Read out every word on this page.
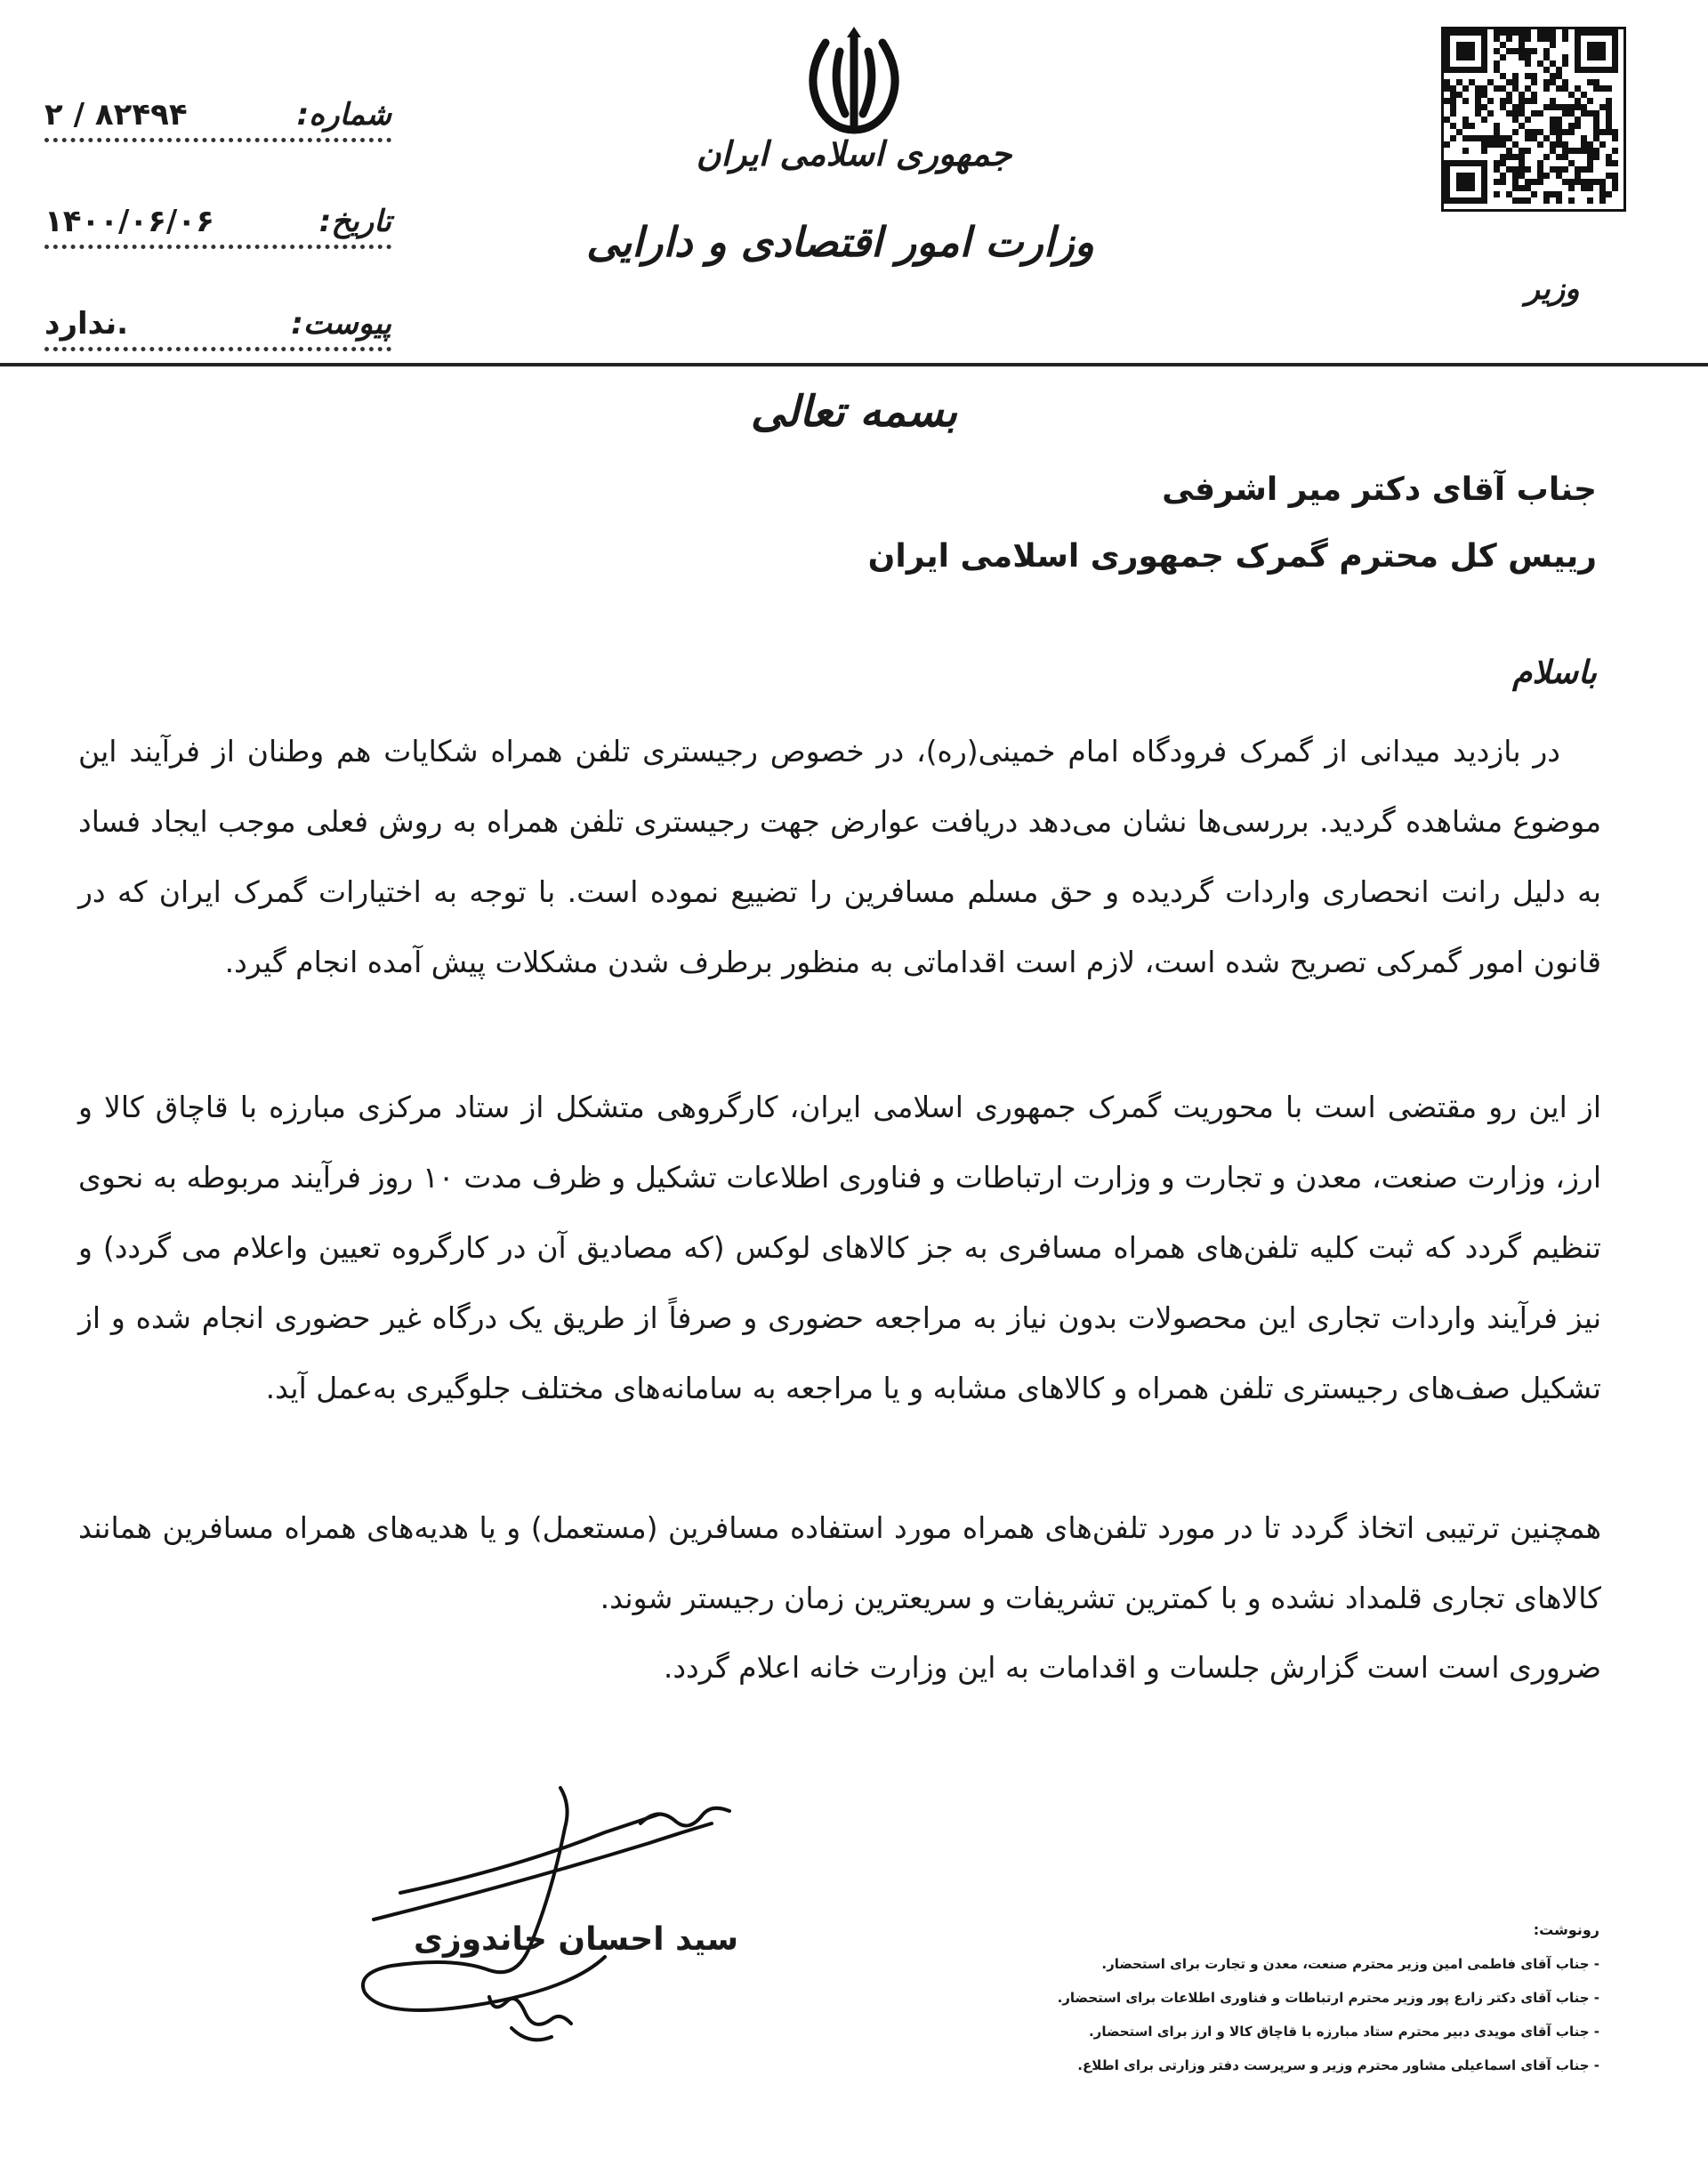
شماره:
۲ / ۸۲۴۹۴
تاریخ:
۱۴۰۰/۰۶/۰۶
پیوست:
ندارد.
جمهوری اسلامی ایران
وزارت امور اقتصادی و دارایی
وزیر
بسمه تعالی
جناب آقای دکتر میر اشرفی
رییس کل محترم گمرک جمهوری اسلامی ایران
باسلام

در بازدید میدانی از گمرک فرودگاه امام خمینی(ره)، در خصوص رجیستری تلفن همراه شکایات هم وطنان از فرآیند این موضوع مشاهده گردید. بررسی‌ها نشان می‌دهد دریافت عوارض جهت رجیستری تلفن همراه به روش فعلی موجب ایجاد فساد به دلیل رانت انحصاری واردات گردیده و حق مسلم مسافرین را تضییع نموده است. با توجه به اختیارات گمرک ایران که در قانون امور گمرکی تصریح شده است، لازم است اقداماتی به منظور برطرف شدن مشکلات پیش آمده انجام گیرد.

از این رو مقتضی است با محوریت گمرک جمهوری اسلامی ایران، کارگروهی متشکل از ستاد مرکزی مبارزه با قاچاق کالا و ارز، وزارت صنعت، معدن و تجارت و وزارت ارتباطات و فناوری اطلاعات تشکیل و ظرف مدت ۱۰ روز فرآیند مربوطه به نحوی تنظیم گردد که ثبت کلیه تلفن‌های همراه مسافری به جز کالاهای لوکس (که مصادیق آن در کارگروه تعیین واعلام می گردد) و نیز فرآیند واردات تجاری این محصولات بدون نیاز به مراجعه حضوری و صرفاً از طریق یک درگاه غیر حضوری انجام شده و از تشکیل صف‌های رجیستری تلفن همراه و کالاهای مشابه و یا مراجعه به سامانه‌های مختلف جلوگیری به‌عمل آید.

همچنین ترتیبی اتخاذ گردد تا در مورد تلفن‌های همراه مورد استفاده مسافرین (مستعمل) و یا هدیه‌های همراه مسافرین همانند کالاهای تجاری قلمداد نشده و با کمترین تشریفات و سریعترین زمان رجیستر شوند.

ضروری است است گزارش جلسات و اقدامات به این وزارت خانه اعلام گردد.

سید احسان خاندوزی	رونوشت:
- جناب آقای فاطمی امین وزیر محترم صنعت، معدن و تجارت برای استحضار.
- جناب آقای دکتر زارع پور وزیر محترم ارتباطات و فناوری اطلاعات برای استحضار.
- جناب آقای مویدی دبیر محترم ستاد مبارزه با قاچاق کالا و ارز برای استحضار.
- جناب آقای اسماعیلی مشاور محترم وزیر و سرپرست دفتر وزارتی برای اطلاع.
